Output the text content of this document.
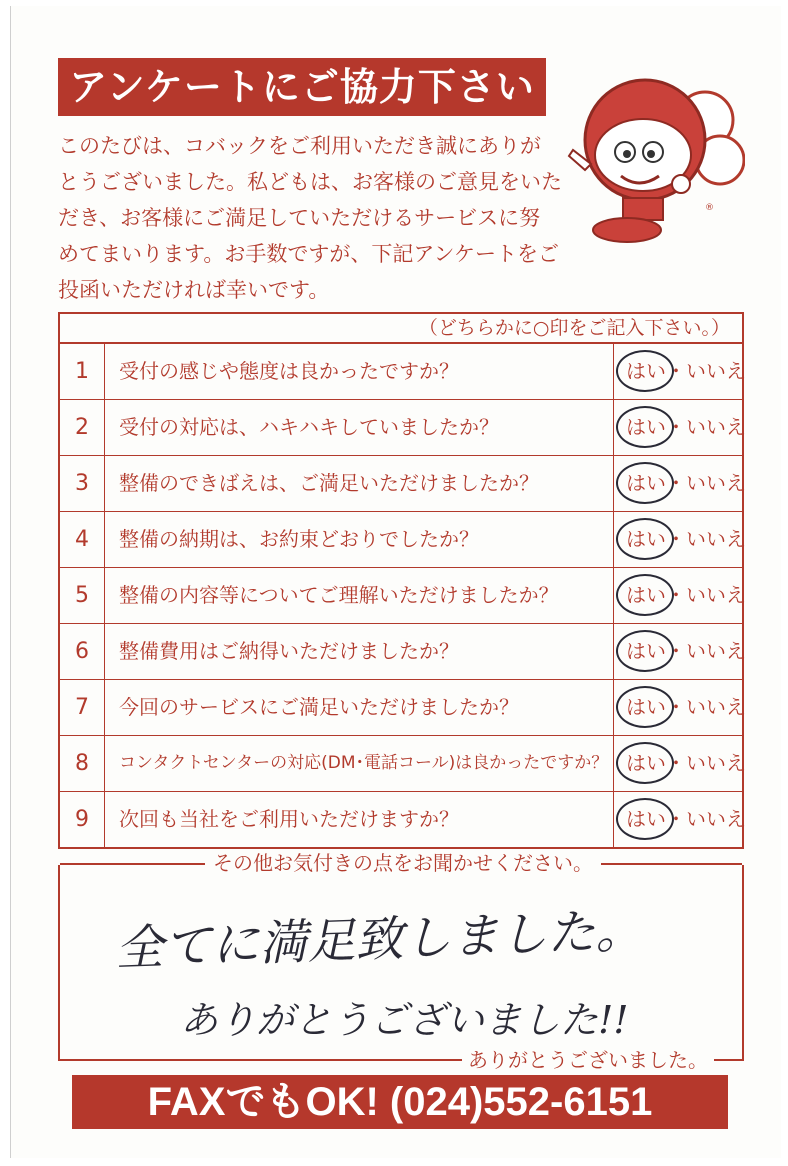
アンケートにご協力下さい

このたびは、コバックをご利用いただき誠にありが
とうございました。私どもは、お客様のご意見をいた
だき、お客様にご満足していただけるサービスに努
めてまいります。お手数ですが、下記アンケートをご
投函いただければ幸いです。

®
（どちらかに○印をご記入下さい。）
1	受付の感じや態度は良かったですか？	はい・いいえ
2	受付の対応は、ハキハキしていましたか？	はい・いいえ
3	整備のできばえは、ご満足いただけましたか？	はい・いいえ
4	整備の納期は、お約束どおりでしたか？	はい・いいえ
5	整備の内容等についてご理解いただけましたか？	はい・いいえ
6	整備費用はご納得いただけましたか？	はい・いいえ
7	今回のサービスにご満足いただけましたか？	はい・いいえ
8	コンタクトセンターの対応(DM･電話コール)は良かったですか？ はい・いいえ
9	次回も当社をご利用いただけますか？	はい・いいえ
その他お気付きの点をお聞かせください。
全てに満足致しました。
ありがとうございました!!
ありがとうございました。
FAXでもOK! (024)552-6151
